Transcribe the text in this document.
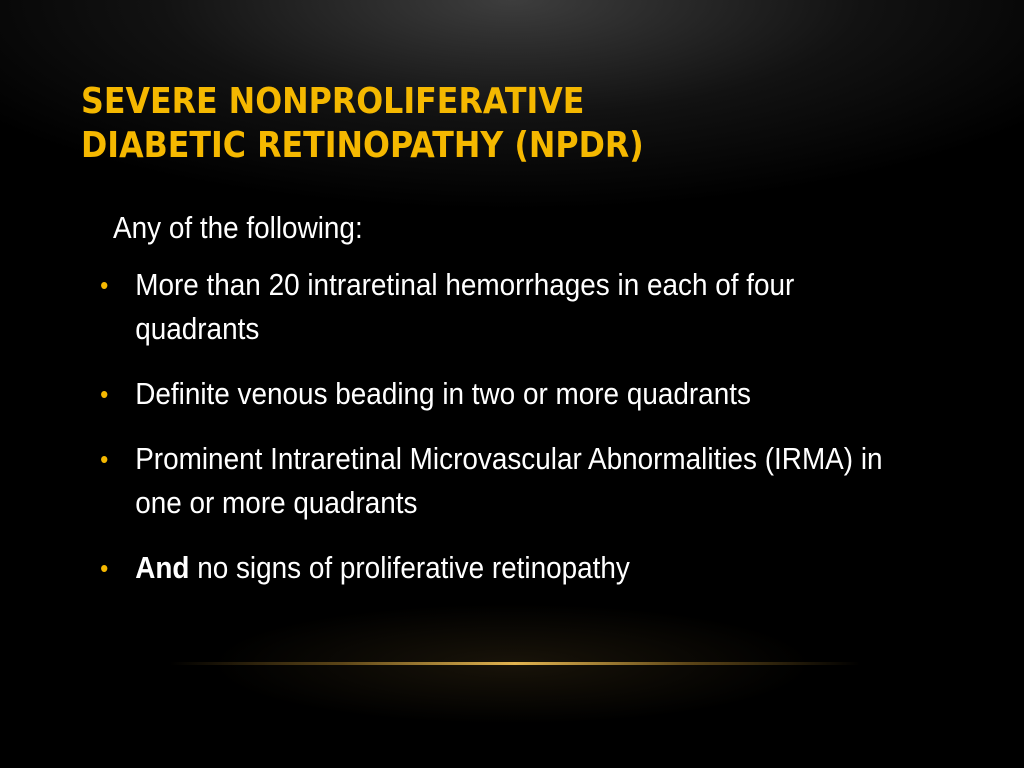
SEVERE NONPROLIFERATIVE
DIABETIC RETINOPATHY (NPDR)
Any of the following:
• More than 20 intraretinal hemorrhages in each of four quadrants
• Definite venous beading in two or more quadrants
• Prominent Intraretinal Microvascular Abnormalities (IRMA) in one or more quadrants
• And no signs of proliferative retinopathy
